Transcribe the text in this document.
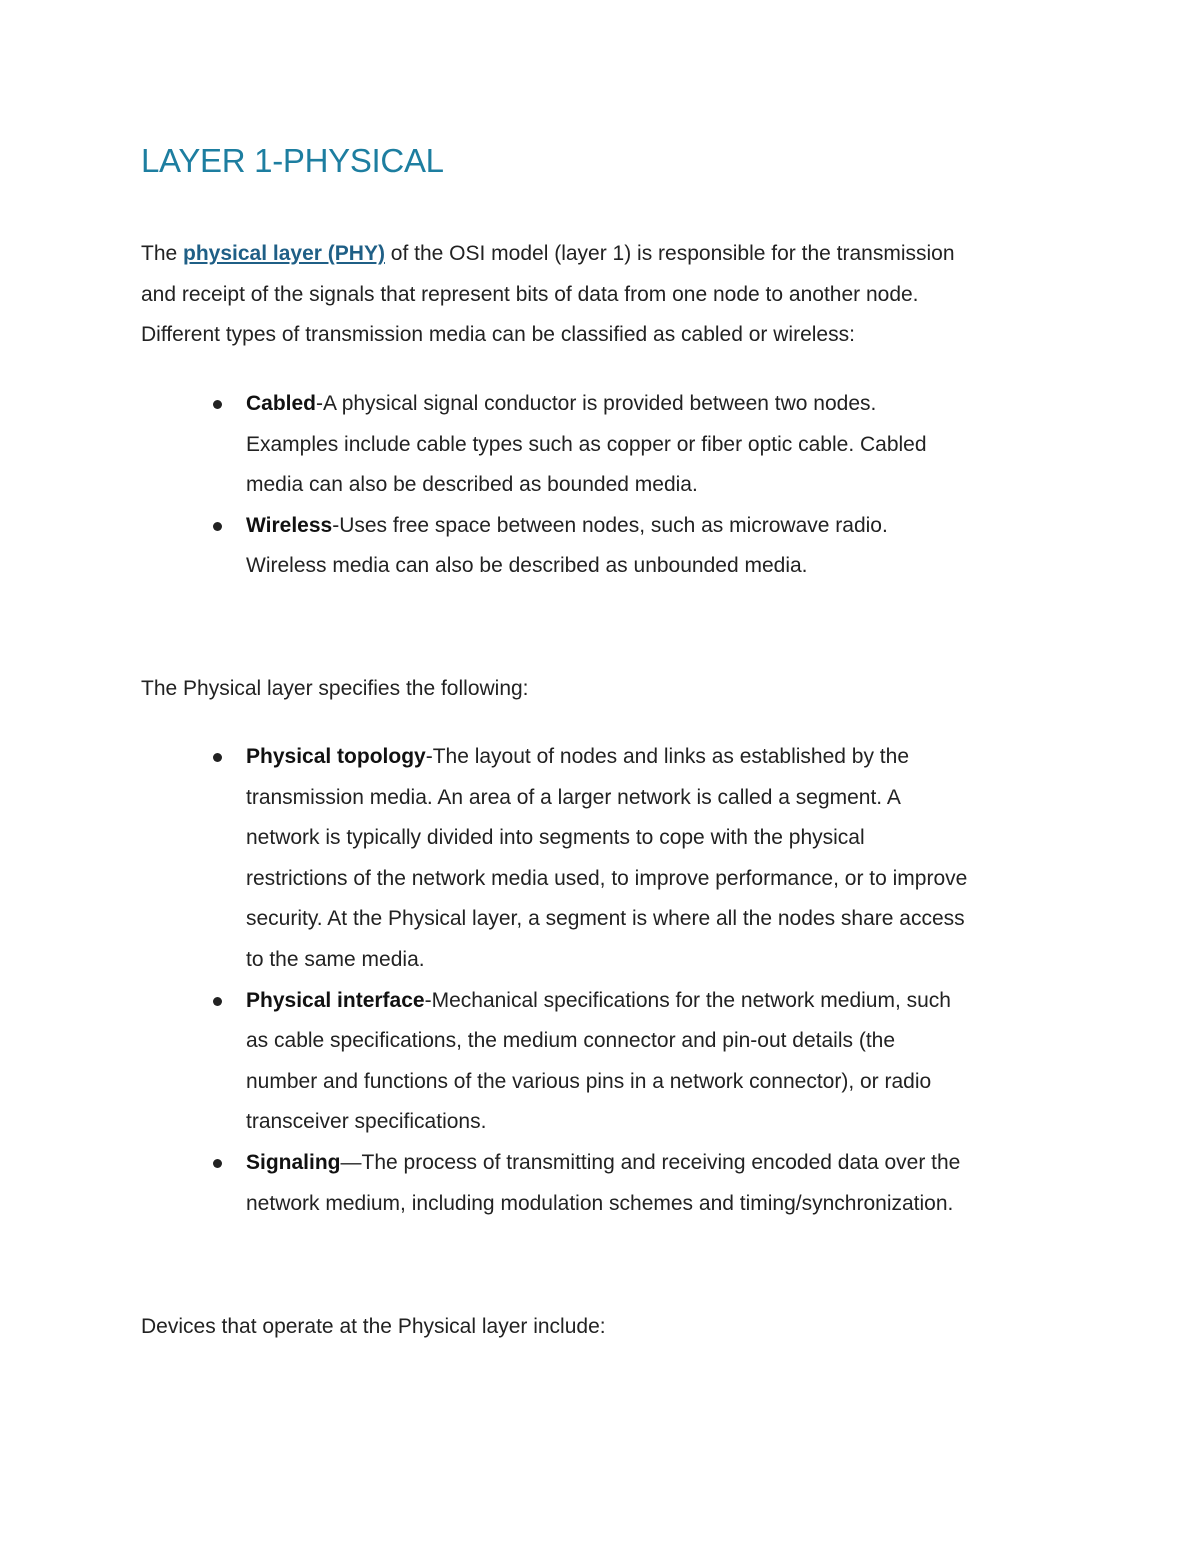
LAYER 1-PHYSICAL

The physical layer (PHY) of the OSI model (layer 1) is responsible for the transmission
and receipt of the signals that represent bits of data from one node to another node.
Different types of transmission media can be classified as cabled or wireless:

Cabled-A physical signal conductor is provided between two nodes.
Examples include cable types such as copper or fiber optic cable. Cabled
media can also be described as bounded media.
Wireless-Uses free space between nodes, such as microwave radio.
Wireless media can also be described as unbounded media.

The Physical layer specifies the following:

Physical topology-The layout of nodes and links as established by the
transmission media. An area of a larger network is called a segment. A
network is typically divided into segments to cope with the physical
restrictions of the network media used, to improve performance, or to improve
security. At the Physical layer, a segment is where all the nodes share access
to the same media.
Physical interface-Mechanical specifications for the network medium, such
as cable specifications, the medium connector and pin-out details (the
number and functions of the various pins in a network connector), or radio
transceiver specifications.
Signaling—The process of transmitting and receiving encoded data over the
network medium, including modulation schemes and timing/synchronization.

Devices that operate at the Physical layer include:
